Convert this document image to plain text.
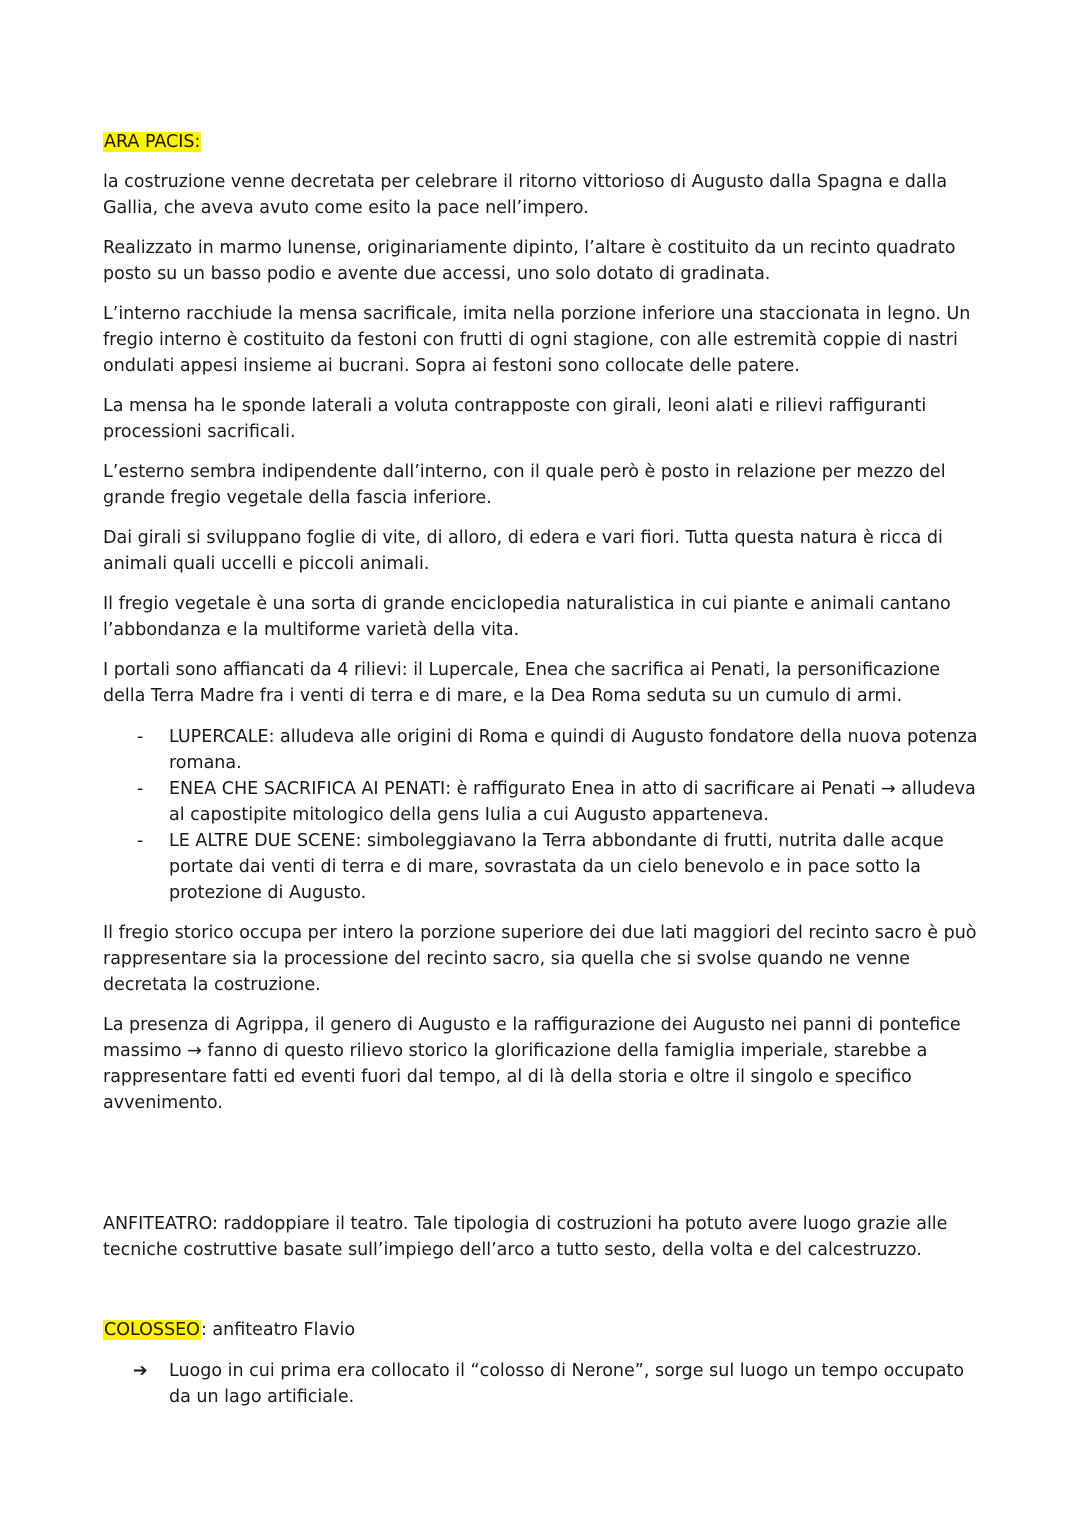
ARA PACIS:

la costruzione venne decretata per celebrare il ritorno vittorioso di Augusto dalla Spagna e dalla Gallia, che aveva avuto come esito la pace nell’impero.

Realizzato in marmo lunense, originariamente dipinto, l’altare è costituito da un recinto quadrato posto su un basso podio e avente due accessi, uno solo dotato di gradinata.

L’interno racchiude la mensa sacrificale, imita nella porzione inferiore una staccionata in legno. Un fregio interno è costituito da festoni con frutti di ogni stagione, con alle estremità coppie di nastri ondulati appesi insieme ai bucrani. Sopra ai festoni sono collocate delle patere.

La mensa ha le sponde laterali a voluta contrapposte con girali, leoni alati e rilievi raffiguranti processioni sacrificali.

L’esterno sembra indipendente dall’interno, con il quale però è posto in relazione per mezzo del grande fregio vegetale della fascia inferiore.

Dai girali si sviluppano foglie di vite, di alloro, di edera e vari fiori. Tutta questa natura è ricca di animali quali uccelli e piccoli animali.

Il fregio vegetale è una sorta di grande enciclopedia naturalistica in cui piante e animali cantano l’abbondanza e la multiforme varietà della vita.

I portali sono affiancati da 4 rilievi: il Lupercale, Enea che sacrifica ai Penati, la personificazione della Terra Madre fra i venti di terra e di mare, e la Dea Roma seduta su un cumulo di armi.

- LUPERCALE: alludeva alle origini di Roma e quindi di Augusto fondatore della nuova potenza romana.
- ENEA CHE SACRIFICA AI PENATI: è raffigurato Enea in atto di sacrificare ai Penati → alludeva al capostipite mitologico della gens Iulia a cui Augusto apparteneva.
- LE ALTRE DUE SCENE: simboleggiavano la Terra abbondante di frutti, nutrita dalle acque portate dai venti di terra e di mare, sovrastata da un cielo benevolo e in pace sotto la protezione di Augusto.

Il fregio storico occupa per intero la porzione superiore dei due lati maggiori del recinto sacro è può rappresentare sia la processione del recinto sacro, sia quella che si svolse quando ne venne decretata la costruzione.

La presenza di Agrippa, il genero di Augusto e la raffigurazione dei Augusto nei panni di pontefice massimo → fanno di questo rilievo storico la glorificazione della famiglia imperiale, starebbe a rappresentare fatti ed eventi fuori dal tempo, al di là della storia e oltre il singolo e specifico avvenimento.

ANFITEATRO: raddoppiare il teatro. Tale tipologia di costruzioni ha potuto avere luogo grazie alle tecniche costruttive basate sull’impiego dell’arco a tutto sesto, della volta e del calcestruzzo.

COLOSSEO: anfiteatro Flavio
➔ Luogo in cui prima era collocato il “colosso di Nerone”, sorge sul luogo un tempo occupato da un lago artificiale.
